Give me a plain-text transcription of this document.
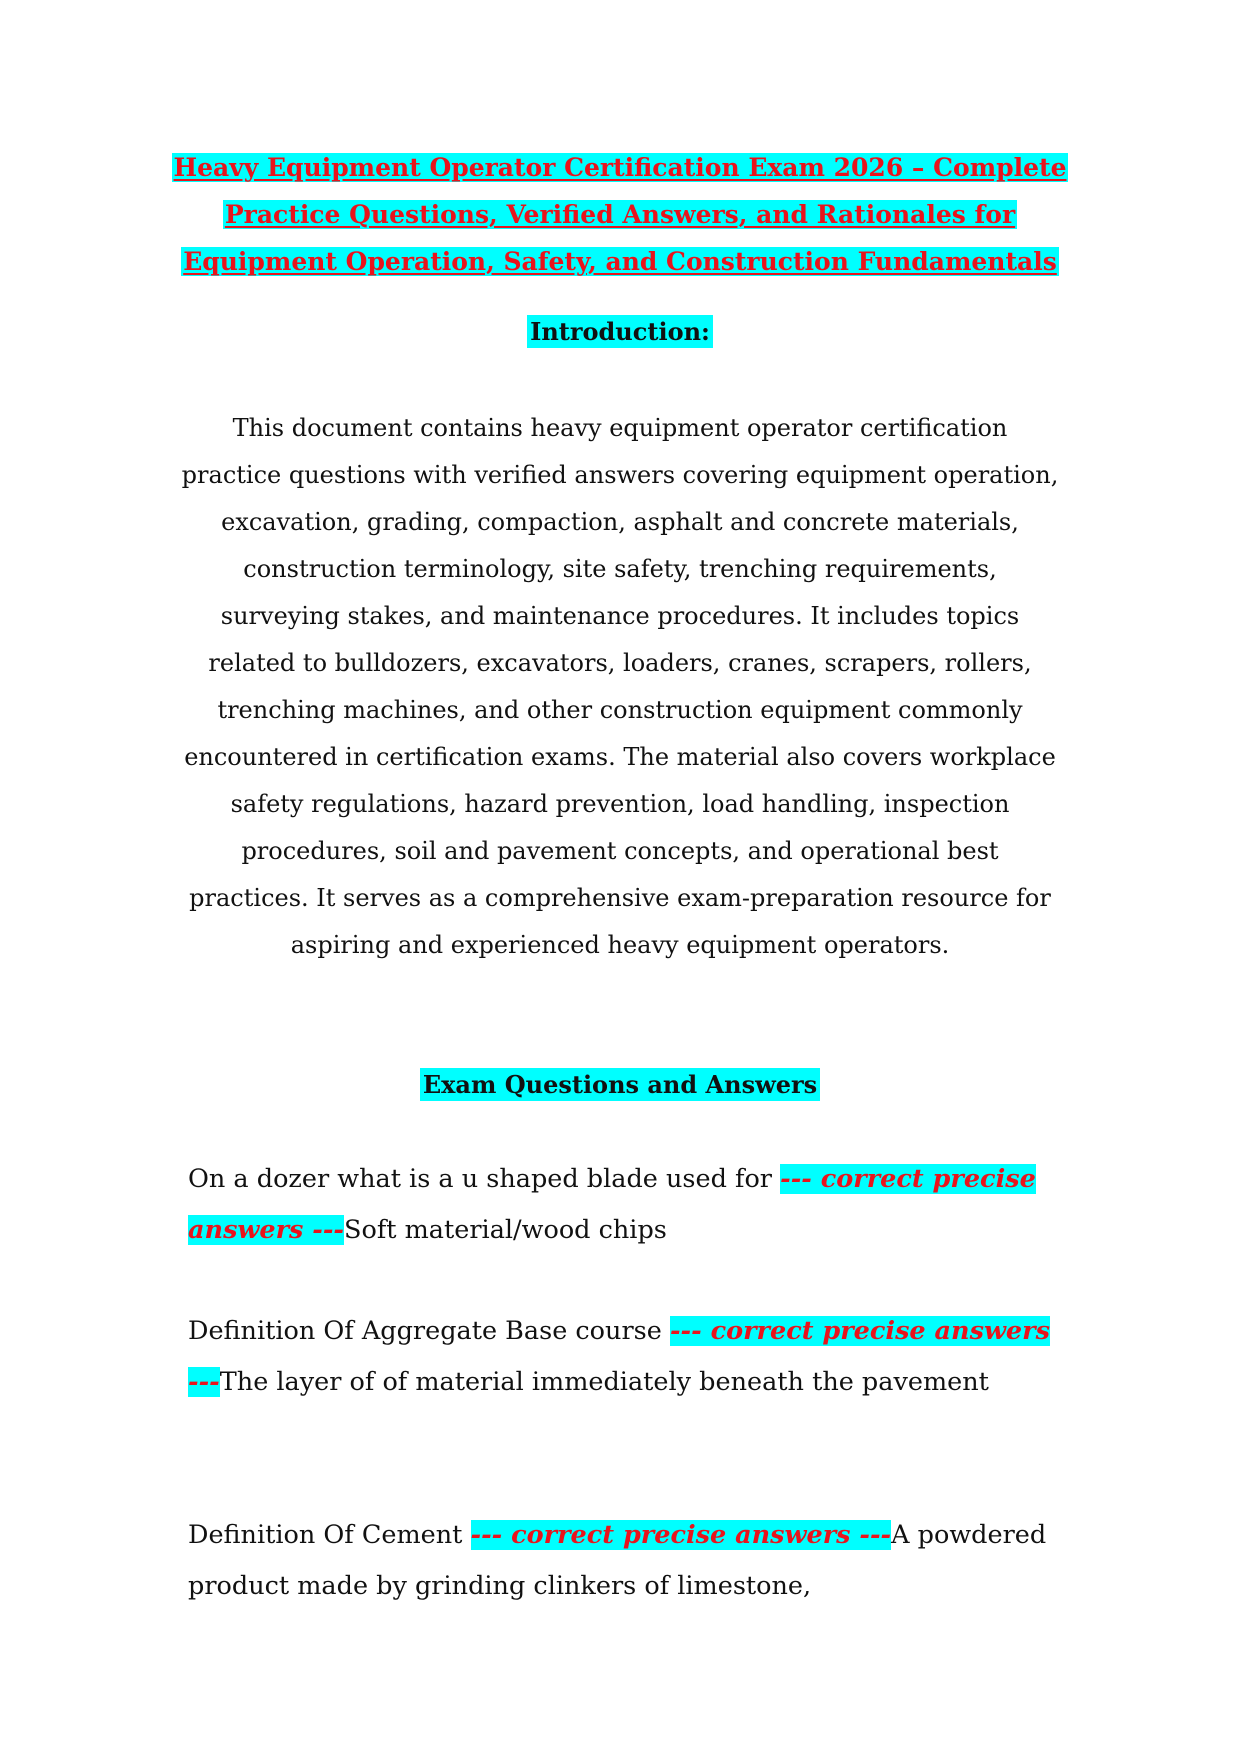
Heavy Equipment Operator Certification Exam 2026 – Complete Practice Questions, Verified Answers, and Rationales for Equipment Operation, Safety, and Construction Fundamentals
Introduction:

This document contains heavy equipment operator certification practice questions with verified answers covering equipment operation, excavation, grading, compaction, asphalt and concrete materials, construction terminology, site safety, trenching requirements, surveying stakes, and maintenance procedures. It includes topics related to bulldozers, excavators, loaders, cranes, scrapers, rollers, trenching machines, and other construction equipment commonly encountered in certification exams. The material also covers workplace safety regulations, hazard prevention, load handling, inspection procedures, soil and pavement concepts, and operational best practices. It serves as a comprehensive exam-preparation resource for aspiring and experienced heavy equipment operators.

Exam Questions and Answers

On a dozer what is a u shaped blade used for --- correct precise answers ---Soft material/wood chips

Definition Of Aggregate Base course --- correct precise answers ---The layer of of material immediately beneath the pavement

Definition Of Cement --- correct precise answers ---A powdered product made by grinding clinkers of limestone,
